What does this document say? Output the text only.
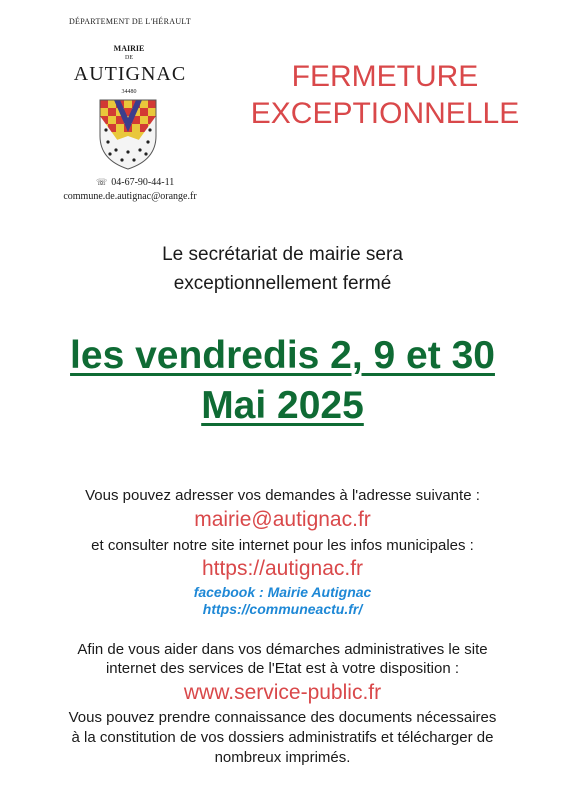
DÉPARTEMENT DE L'HÉRAULT
MAIRIE
DE
AUTIGNAC
34480
☏ 04-67-90-44-11
commune.de.autignac@orange.fr
FERMETURE
EXCEPTIONNELLE
Le secrétariat de mairie sera
exceptionnellement fermé
les vendredis 2, 9 et 30
Mai 2025
Vous pouvez adresser vos demandes à l'adresse suivante :
mairie@autignac.fr
et consulter notre site internet pour les infos municipales :
https://autignac.fr
facebook : Mairie Autignac
https://communeactu.fr/
Afin de vous aider dans vos démarches administratives le site
internet des services de l'Etat est à votre disposition :
www.service-public.fr
Vous pouvez prendre connaissance des documents nécessaires
à la constitution de vos dossiers administratifs et télécharger de
nombreux imprimés.
